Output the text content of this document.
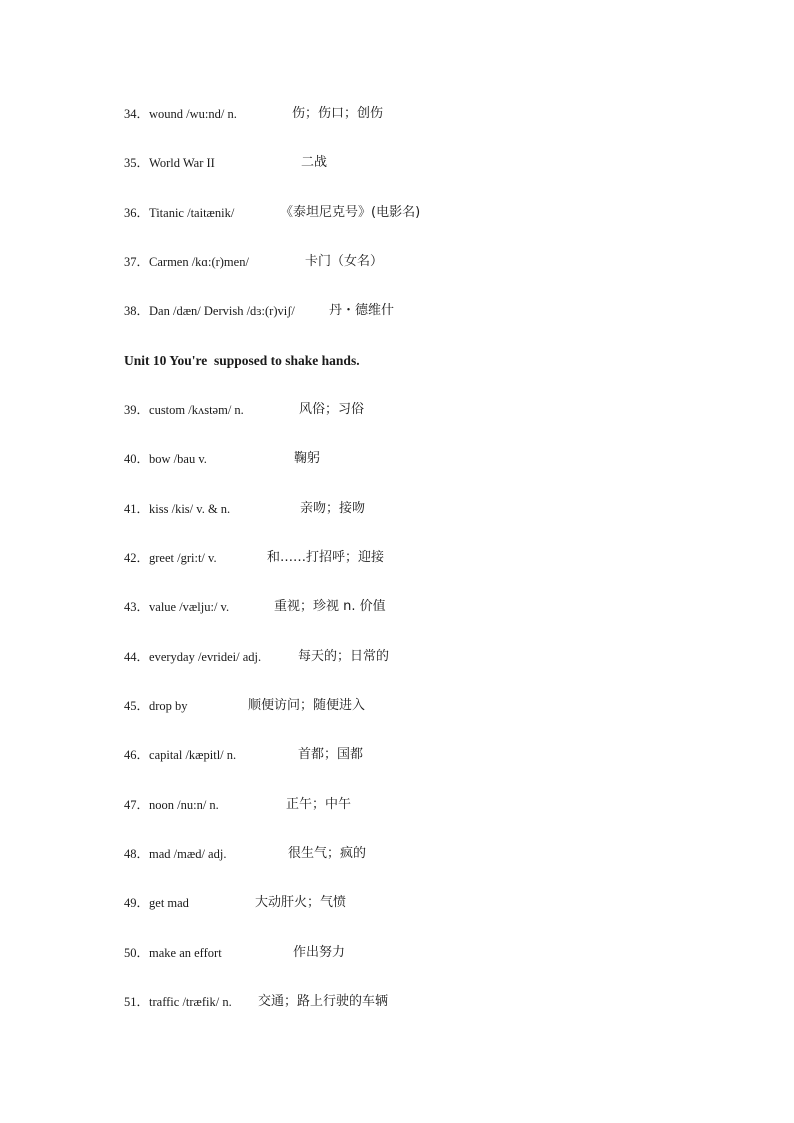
34．wound /wu:nd/ n.	伤；伤口；创伤
35．World War II	二战
36．Titanic /taitænik/	《泰坦尼克号》(电影名)
37．Carmen /kɑ:(r)men/	卡门（女名）
38．Dan /dæn/ Dervish /dɜ:(r)viʃ/	丹・德维什
Unit 10 You're  supposed to shake hands.
39．custom /kʌstəm/ n.	风俗；习俗
40．bow /bau v.	鞠躬
41．kiss /kis/ v. & n.	亲吻；接吻
42．greet /gri:t/ v.	和……打招呼；迎接
43．value /vælju:/ v.	重视；珍视 n. 价值
44．everyday /evridei/ adj.	每天的；日常的
45．drop by	顺便访问；随便进入
46．capital /kæpitl/ n.	首都；国都
47．noon /nu:n/ n.	正午；中午
48．mad /mæd/ adj.	很生气；疯的
49．get mad	大动肝火；气愤
50．make an effort	作出努力
51．traffic /træfik/ n. 交通；路上行驶的车辆
